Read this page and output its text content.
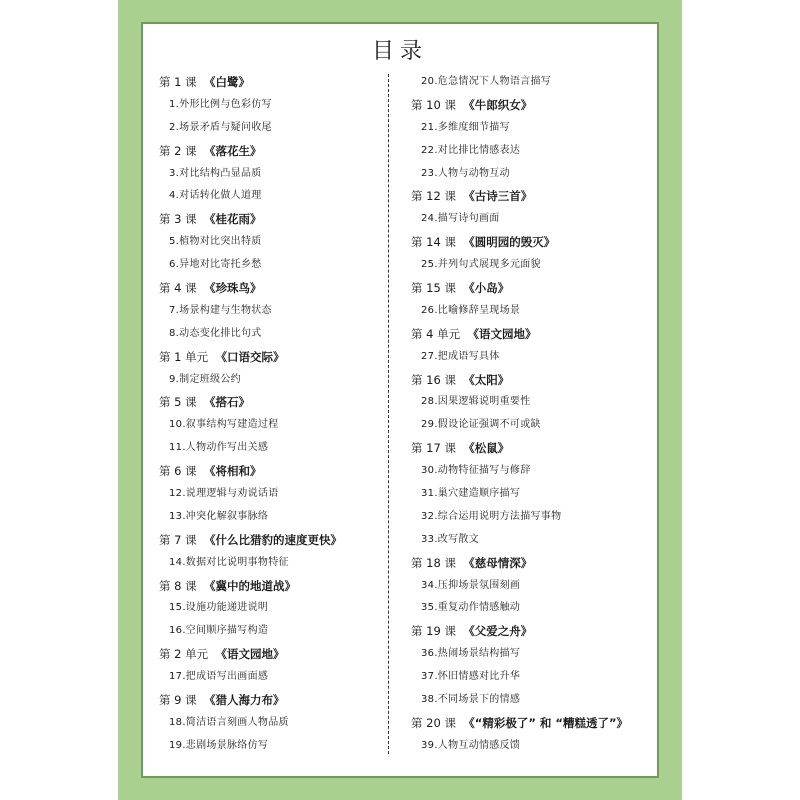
目录
第 1 课 《白鹭》
1.外形比例与色彩仿写
2.场景矛盾与疑问收尾
第 2 课 《落花生》
3.对比结构凸显品质
4.对话转化做人道理
第 3 课 《桂花雨》
5.植物对比突出特质
6.异地对比寄托乡愁
第 4 课 《珍珠鸟》
7.场景构建与生物状态
8.动态变化排比句式
第 1 单元 《口语交际》
9.制定班级公约
第 5 课 《搭石》
10.叙事结构写建造过程
11.人物动作写出关感
第 6 课 《将相和》
12.说理逻辑与劝说话语
13.冲突化解叙事脉络
第 7 课 《什么比猎豹的速度更快》
14.数据对比说明事物特征
第 8 课 《冀中的地道战》
15.设施功能递进说明
16.空间顺序描写构造
第 2 单元 《语文园地》
17.把成语写出画面感
第 9 课 《猎人海力布》
18.简洁语言刻画人物品质
19.悲剧场景脉络仿写
20.危急情况下人物语言描写
第 10 课 《牛郎织女》
21.多维度细节描写
22.对比排比情感表达
23.人物与动物互动
第 12 课 《古诗三首》
24.描写诗句画面
第 14 课 《圆明园的毁灭》
25.并列句式展现多元面貌
第 15 课 《小岛》
26.比喻修辞呈现场景
第 4 单元 《语文园地》
27.把成语写具体
第 16 课 《太阳》
28.因果逻辑说明重要性
29.假设论证强调不可或缺
第 17 课 《松鼠》
30.动物特征描写与修辞
31.巢穴建造顺序描写
32.综合运用说明方法描写事物
33.改写散文
第 18 课 《慈母情深》
34.压抑场景氛围刻画
35.重复动作情感触动
第 19 课 《父爱之舟》
36.热闹场景结构描写
37.怀旧情感对比升华
38.不同场景下的情感
第 20 课 《“精彩极了” 和 “糟糕透了”》
39.人物互动情感反馈
